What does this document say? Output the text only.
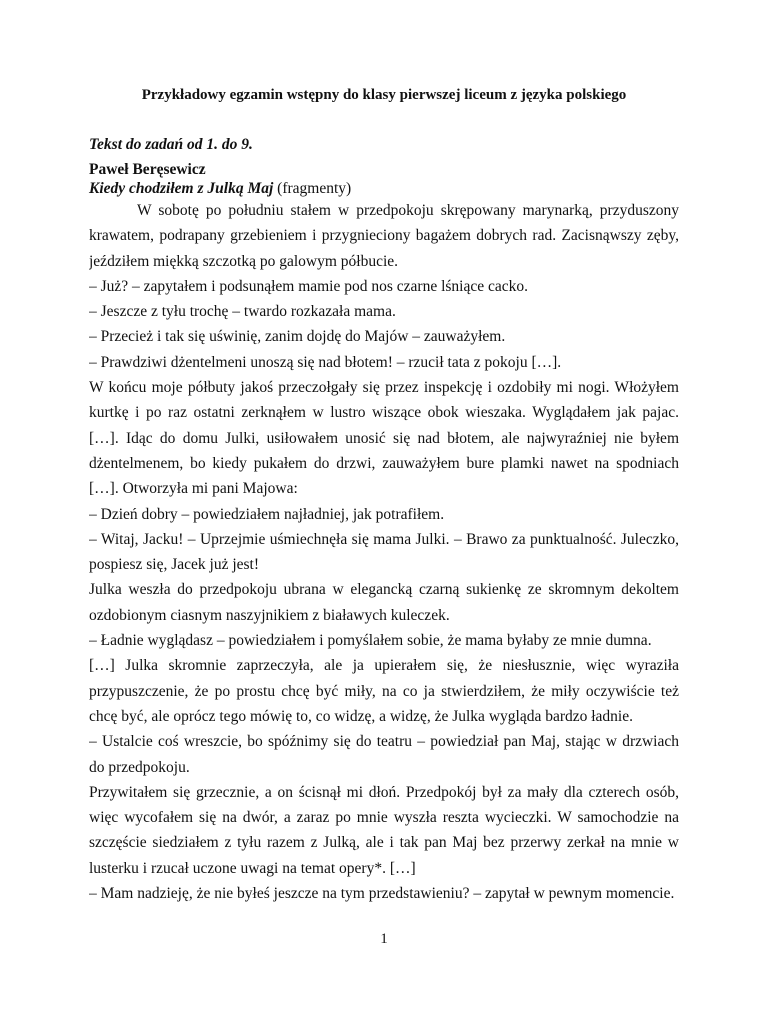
Przykładowy egzamin wstępny do klasy pierwszej liceum z języka polskiego
Tekst do zadań od 1. do 9.
Paweł Beręsewicz
Kiedy chodziłem z Julką Maj (fragmenty)
W sobotę po południu stałem w przedpokoju skrępowany marynarką, przyduszony
krawatem, podrapany grzebieniem i przygnieciony bagażem dobrych rad. Zacisnąwszy zęby,
jeździłem miękką szczotką po galowym półbucie.
– Już? – zapytałem i podsunąłem mamie pod nos czarne lśniące cacko.
– Jeszcze z tyłu trochę – twardo rozkazała mama.
– Przecież i tak się uświnię, zanim dojdę do Majów – zauważyłem.
– Prawdziwi dżentelmeni unoszą się nad błotem! – rzucił tata z pokoju […].
W końcu moje półbuty jakoś przeczołgały się przez inspekcję i ozdobiły mi nogi. Włożyłem
kurtkę i po raz ostatni zerknąłem w lustro wiszące obok wieszaka. Wyglądałem jak pajac.
[…]. Idąc do domu Julki, usiłowałem unosić się nad błotem, ale najwyraźniej nie byłem
dżentelmenem, bo kiedy pukałem do drzwi, zauważyłem bure plamki nawet na spodniach
[…]. Otworzyła mi pani Majowa:
– Dzień dobry – powiedziałem najładniej, jak potrafiłem.
– Witaj, Jacku! – Uprzejmie uśmiechnęła się mama Julki. – Brawo za punktualność. Juleczko,
pospiesz się, Jacek już jest!
Julka weszła do przedpokoju ubrana w elegancką czarną sukienkę ze skromnym dekoltem
ozdobionym ciasnym naszyjnikiem z białawych kuleczek.
– Ładnie wyglądasz – powiedziałem i pomyślałem sobie, że mama byłaby ze mnie dumna.
[…] Julka skromnie zaprzeczyła, ale ja upierałem się, że niesłusznie, więc wyraziła
przypuszczenie, że po prostu chcę być miły, na co ja stwierdziłem, że miły oczywiście też
chcę być, ale oprócz tego mówię to, co widzę, a widzę, że Julka wygląda bardzo ładnie.
– Ustalcie coś wreszcie, bo spóźnimy się do teatru – powiedział pan Maj, stając w drzwiach
do przedpokoju.
Przywitałem się grzecznie, a on ścisnął mi dłoń. Przedpokój był za mały dla czterech osób,
więc wycofałem się na dwór, a zaraz po mnie wyszła reszta wycieczki. W samochodzie na
szczęście siedziałem z tyłu razem z Julką, ale i tak pan Maj bez przerwy zerkał na mnie w
lusterku i rzucał uczone uwagi na temat opery*. […]
– Mam nadzieję, że nie byłeś jeszcze na tym przedstawieniu? – zapytał w pewnym momencie.
1
